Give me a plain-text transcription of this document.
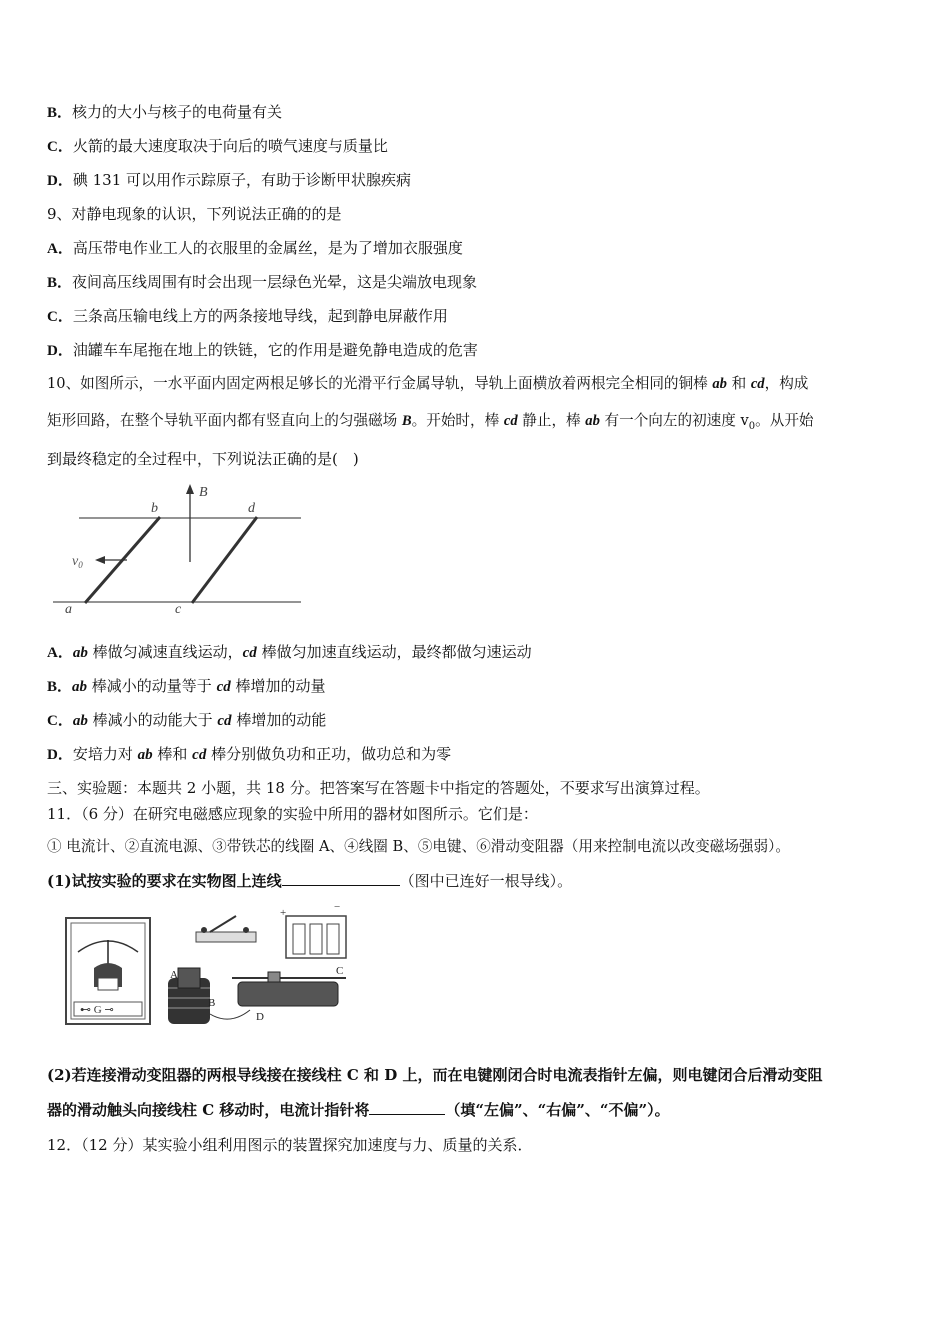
B．核力的大小与核子的电荷量有关
C．火箭的最大速度取决于向后的喷气速度与质量比
D．碘 131 可以用作示踪原子，有助于诊断甲状腺疾病
9、对静电现象的认识，下列说法正确的的是
A．高压带电作业工人的衣服里的金属丝，是为了增加衣服强度
B．夜间高压线周围有时会出现一层绿色光晕，这是尖端放电现象
C．三条高压输电线上方的两条接地导线，起到静电屏蔽作用
D．油罐车车尾拖在地上的铁链，它的作用是避免静电造成的危害
10、如图所示，一水平面内固定两根足够长的光滑平行金属导轨，导轨上面横放着两根完全相同的铜棒 ab 和 cd，构成
矩形回路，在整个导轨平面内都有竖直向上的匀强磁场 B。开始时，棒 cd 静止，棒 ab 有一个向左的初速度 $v_0$。从开始
到最终稳定的全过程中，下列说法正确的是(　)
b	d
a	c
B
$v_0$
A．ab 棒做匀减速直线运动，cd 棒做匀加速直线运动，最终都做匀速运动
B．ab 棒减小的动量等于 cd 棒增加的动量
C．ab 棒减小的动能大于 cd 棒增加的动能
D．安培力对 ab 棒和 cd 棒分别做负功和正功，做功总和为零
三、实验题：本题共 2 小题，共 18 分。把答案写在答题卡中指定的答题处，不要求写出演算过程。
11．（6 分）在研究电磁感应现象的实验中所用的器材如图所示。它们是：
① 电流计、②直流电源、③带铁芯的线圈 A、④线圈 B、⑤电键、⑥滑动变阻器（用来控制电流以改变磁场强弱）。
(1)试按实验的要求在实物图上连线	（图中已连好一根导线）。
⊷ G ⊸
+	−
A
B
C
D
(2)若连接滑动变阻器的两根导线接在接线柱 C 和 D 上，而在电键刚闭合时电流表指针左偏，则电键闭合后滑动变阻
器的滑动触头向接线柱 C 移动时，电流计指针将	（填“左偏”、“右偏”、“不偏”）。
12．（12 分）某实验小组利用图示的装置探究加速度与力、质量的关系．
